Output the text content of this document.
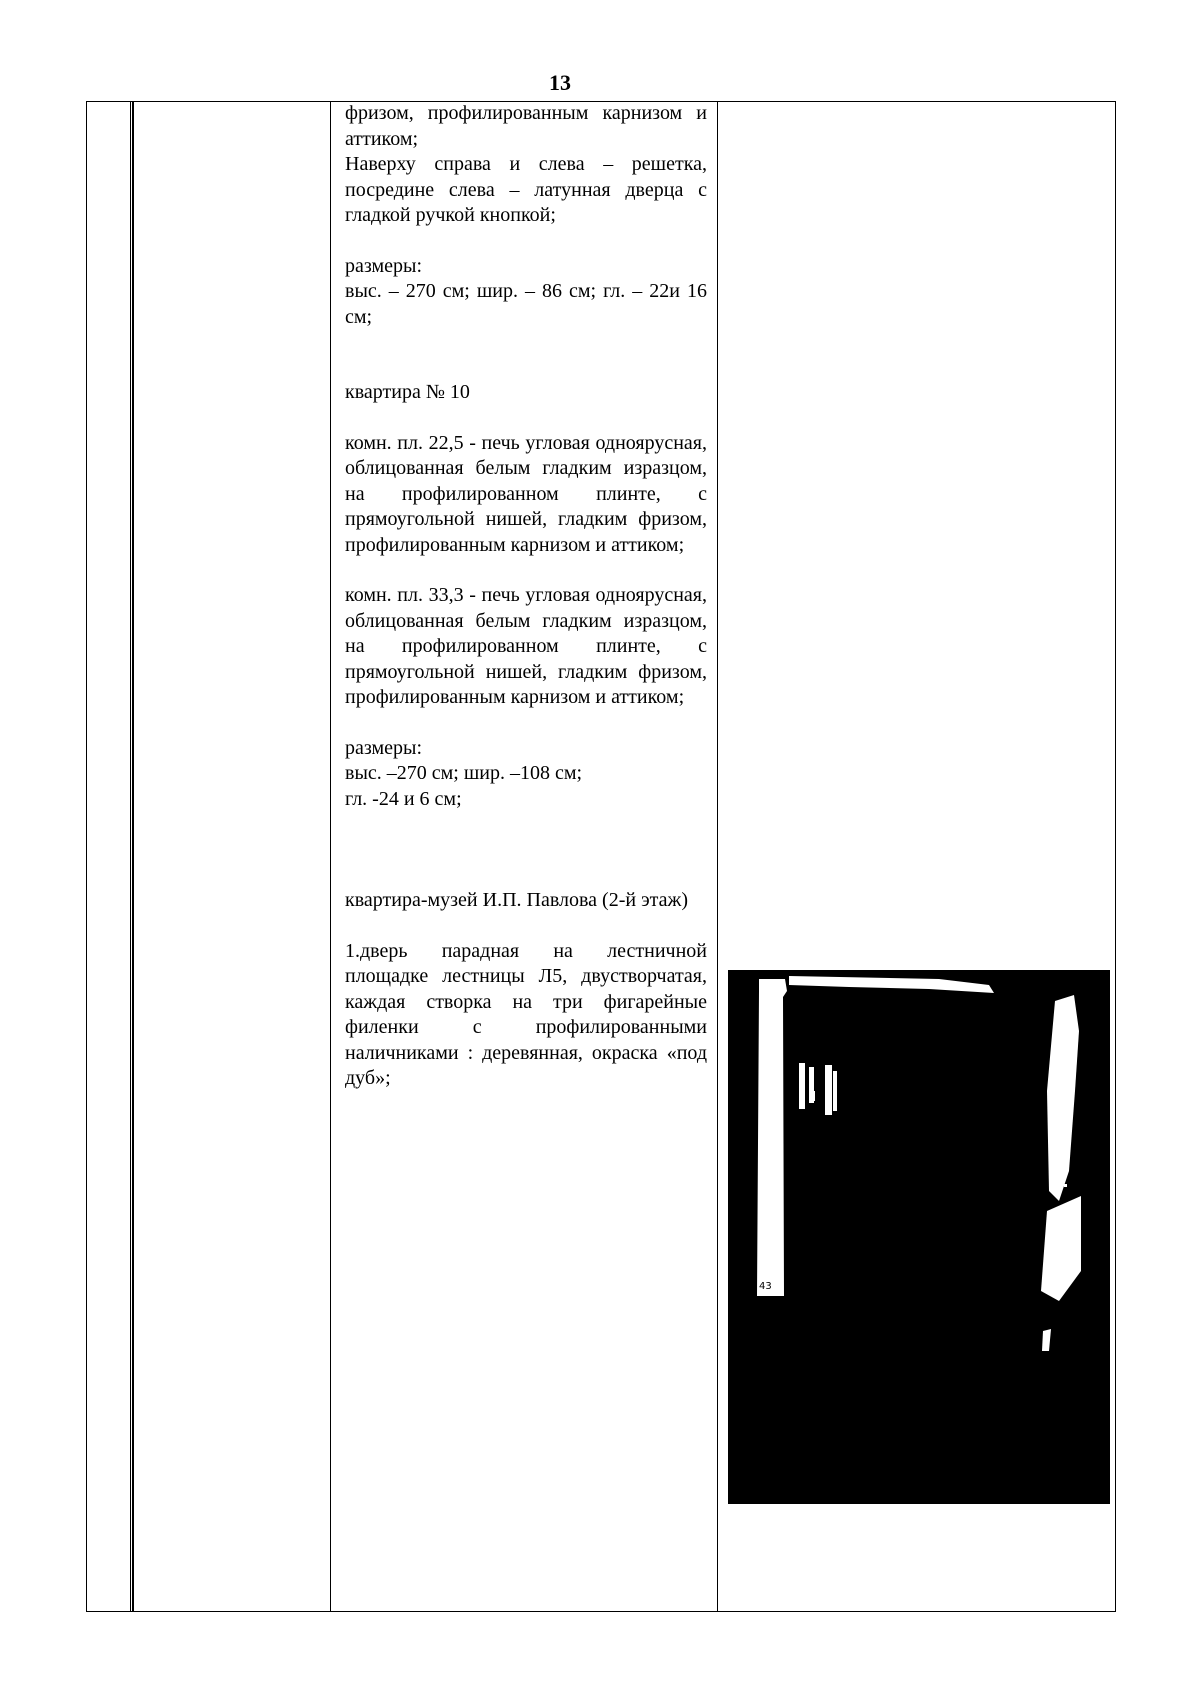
13

фризом, профилированным карнизом и аттиком;

Наверху справа и слева – решетка, посредине слева – латунная дверца с гладкой ручкой кнопкой;

размеры:

выс. – 270 см; шир. – 86 см; гл. – 22и 16 см;

квартира № 10

комн. пл. 22,5 - печь угловая одноярусная, облицованная белым гладким изразцом, на профилированном плинте, с прямоугольной нишей, гладким фризом, профилированным карнизом и аттиком;

комн. пл. 33,3 - печь угловая одноярусная, облицованная белым гладким изразцом, на профилированном плинте, с прямоугольной нишей, гладким фризом, профилированным карнизом и аттиком;

размеры:

выс. –270 см; шир. –108 см;

гл. -24 и 6 см;

квартира-музей И.П. Павлова (2-й этаж)

1.дверь парадная на лестничной площадке лестницы Л5, двустворчатая, каждая створка на три фигарейные филенки с профилированными наличниками : деревянная, окраска «под дуб»;

43
